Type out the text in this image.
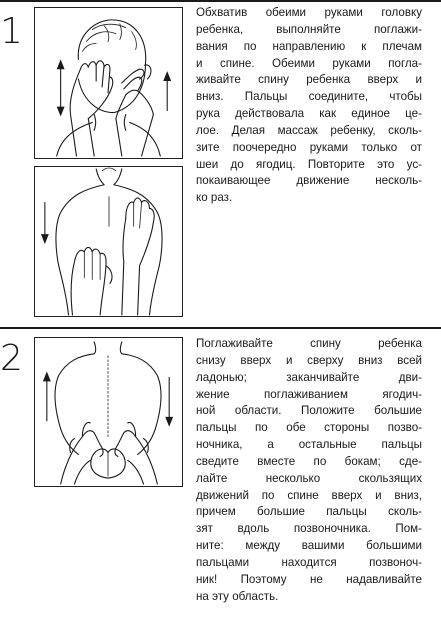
1	Обхватив обеими руками головку
ребенка, выполняйте поглажи-
вания по направлению к плечам
и спине. Обеими руками погла-
живайте спину ребенка вверх и
вниз. Пальцы соедините, чтобы
рука действовала как единое це-
лое. Делая массаж ребенку, сколь-
зите поочередно руками только от
шеи до ягодиц. Повторите это ус-
покаивающее движение несколь-
ко раз.
2	Поглаживайте спину ребенка
снизу вверх и сверху вниз всей
ладонью; заканчивайте дви-
жение поглаживанием ягодич-
ной области. Положите большие
пальцы по обе стороны позво-
ночника, а остальные пальцы
сведите вместе по бокам; сде-
лайте несколько скользящих
движений по спине вверх и вниз,
причем большие пальцы сколь-
зят вдоль позвоночника. Пом-
ните: между вашими большими
пальцами находится позвоноч-
ник! Поэтому не надавливайте
на эту область.
